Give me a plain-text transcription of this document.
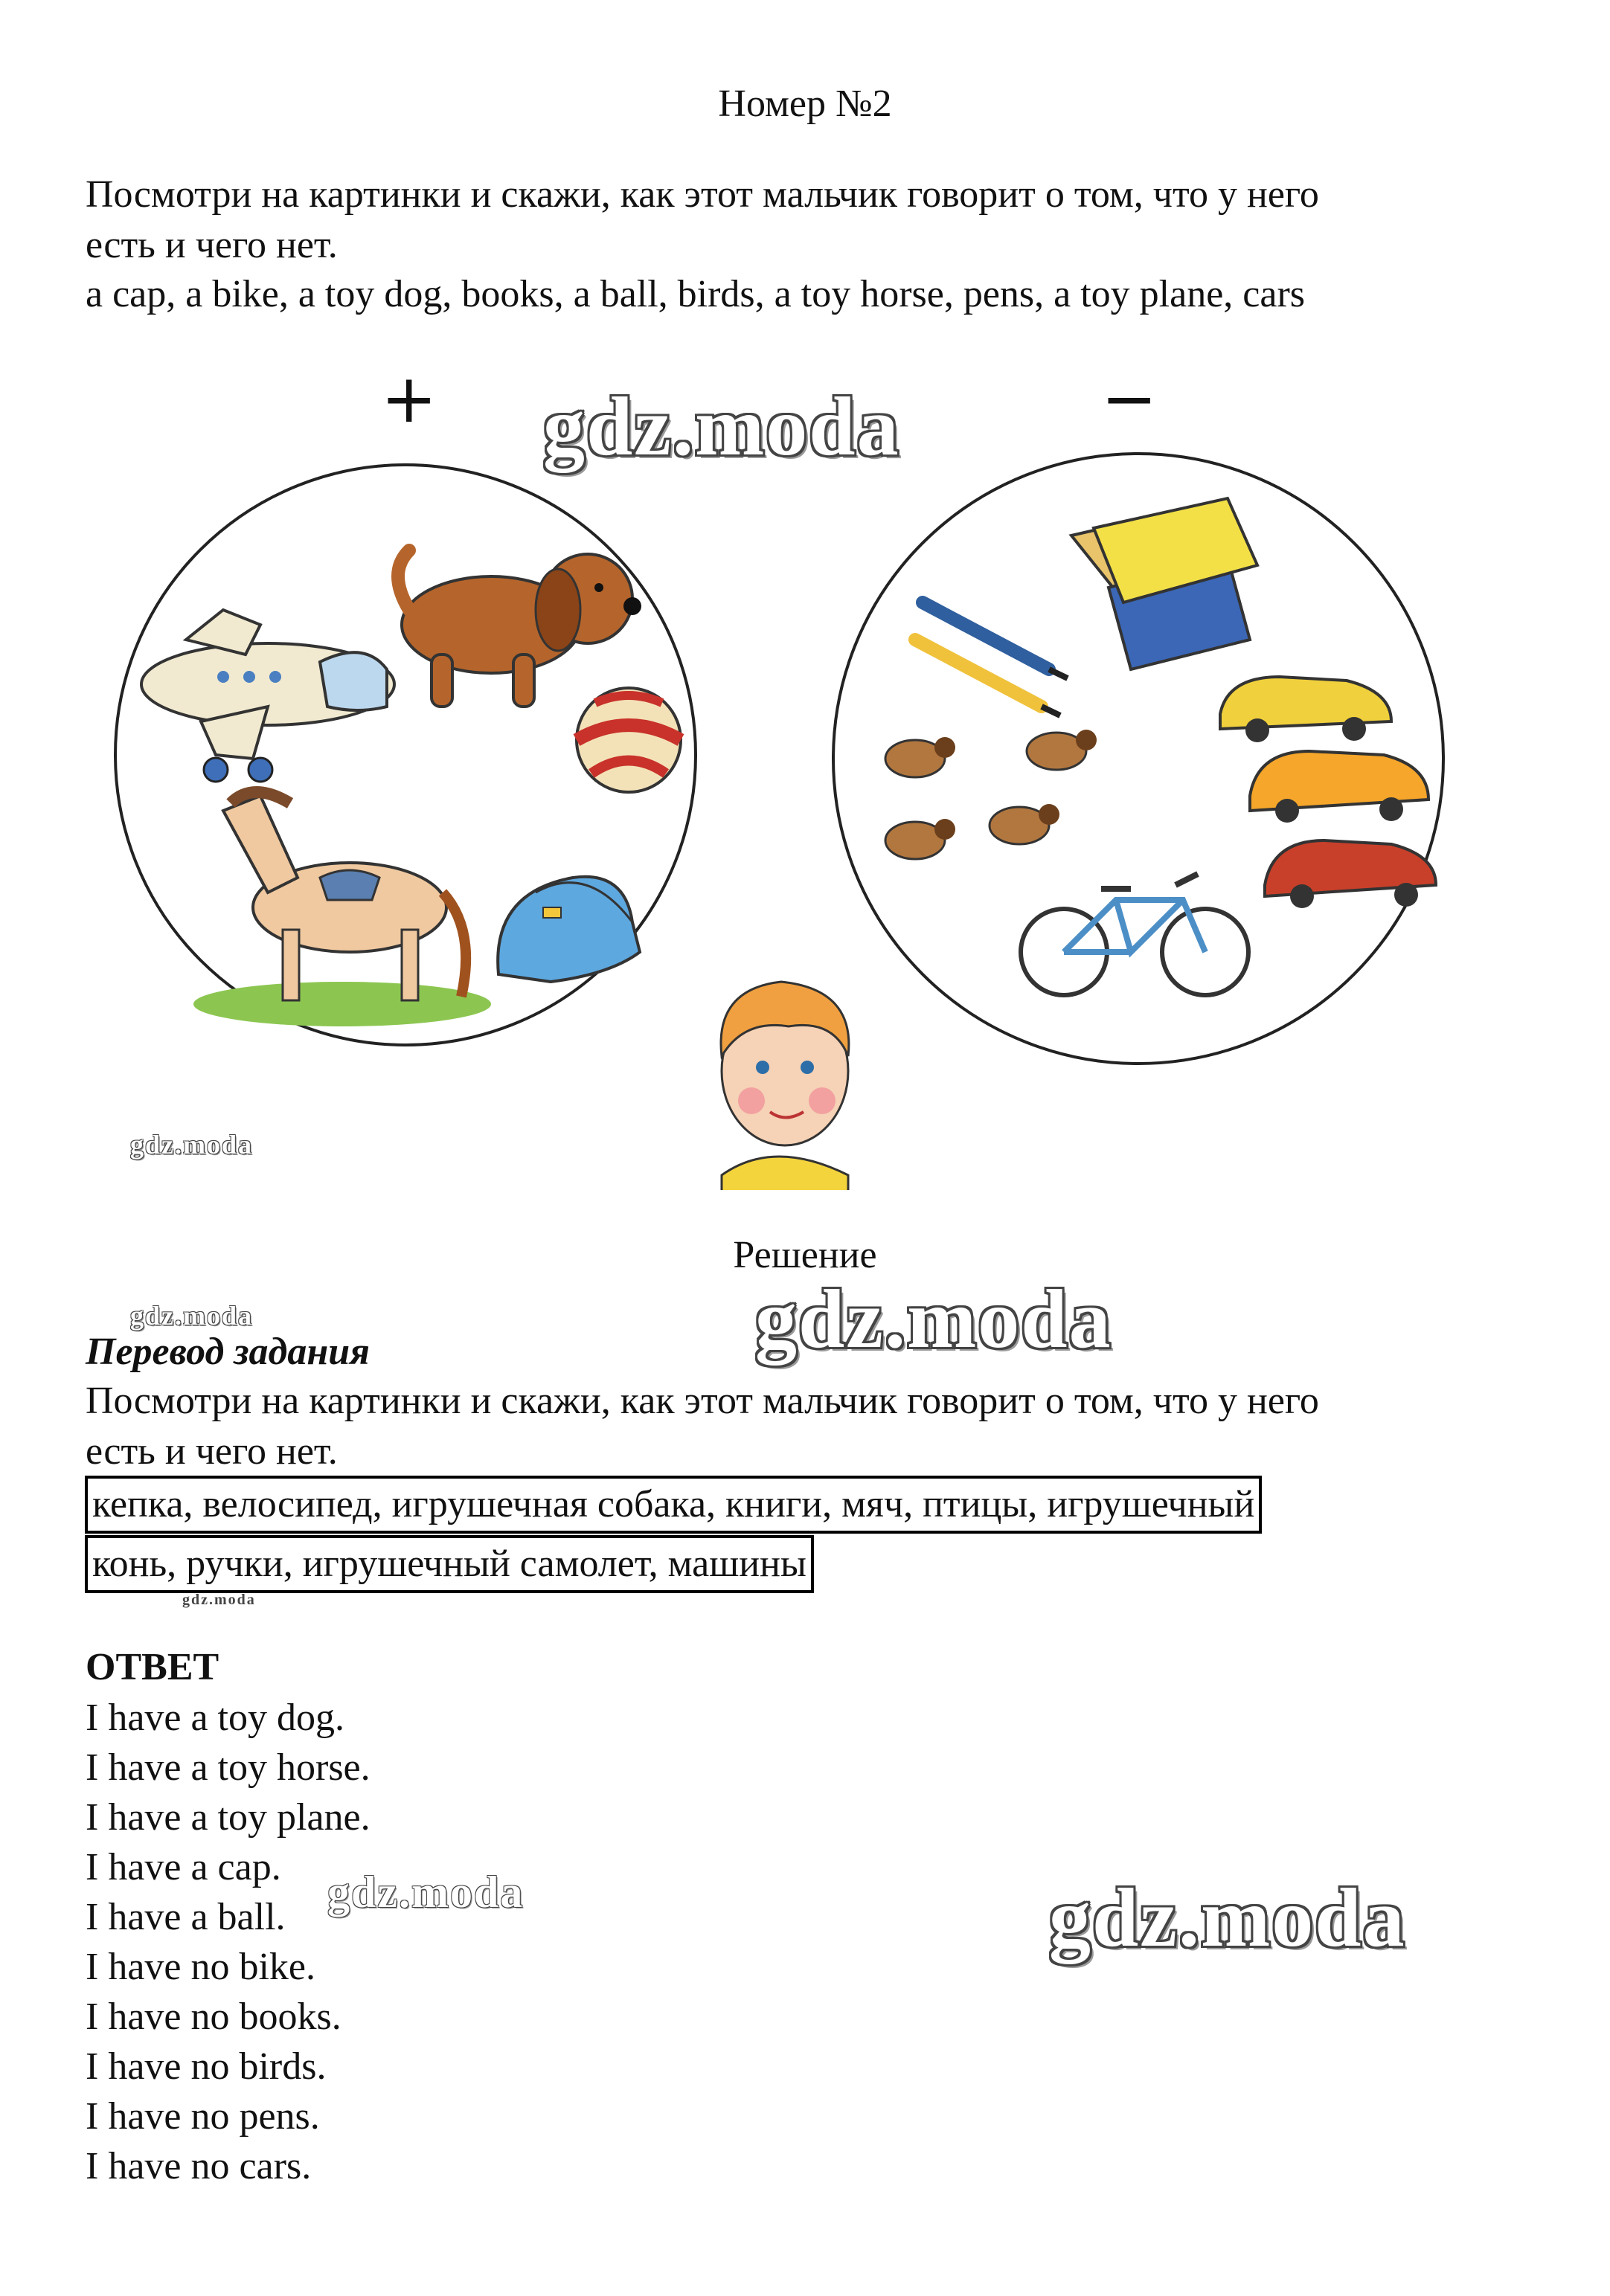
Номер №2
Посмотри на картинки и скажи, как этот мальчик говорит о том, что у него
есть и чего нет.
a cap, a bike, a toy dog, books, a ball, birds, a toy horse, pens, a toy plane, cars
+	−
gdz.moda
gdz.moda
gdz.moda
gdz.moda
gdz.moda
gdz.moda	gdz.moda
Решение
Перевод задания
Посмотри на картинки и скажи, как этот мальчик говорит о том, что у него
есть и чего нет.
кепка, велосипед, игрушечная собака, книги, мяч, птицы, игрушечный
конь, ручки, игрушечный самолет, машины
ОТВЕТ
I have a toy dog.
I have a toy horse.
I have a toy plane.
I have a cap.
I have a ball.
I have no bike.
I have no books.
I have no birds.
I have no pens.
I have no cars.
